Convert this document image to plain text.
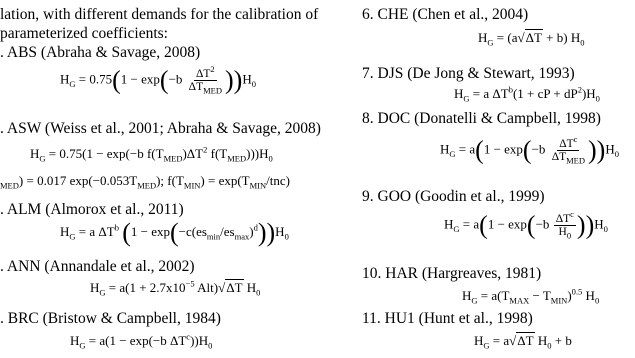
lation, with different demands for the calibration of
parameterized coefficients:
. ABS (Abraha & Savage, 2008)
$H_G = 0.75(1 - \exp(-b \frac{\Delta T^2}{\Delta T_{MED}} ))H_0$
. ASW (Weiss et al., 2001; Abraha & Savage, 2008)
$H_G = 0.75(1 - \exp(-b$ $f(T_{MED})\Delta T^2$ $f(T_{MED})))H_0$
$_{MED}$) = 0.017 $\exp(-0.053T_{MED})$; $f(T_{MIN}) = \exp(T_{MIN}/tnc)$
. ALM (Almorox et al., 2011)
$H_G = a$ $\Delta T^b$ $(1 - \exp(-c(es_{min}/es_{max})^d))H_0$
. ANN (Annandale et al., 2002)
$H_G = a(1 + 2.7x10^{-5}$ Alt)√ΔT $H_0$
. BRC (Bristow & Campbell, 1984)
$H_G = a(1 - \exp(-b$ $\Delta T^c))H_0$
6. CHE (Chen et al., 2004)
$H_G = (a√\Delta T + b)$ $H_0$
7. DJS (De Jong & Stewart, 1993)
$H_G = a$ $\Delta T^b(1$ + cP + $dP^2)H_0$
8. DOC (Donatelli & Campbell, 1998)
$H_G = a(1 - \exp(-b \frac{\Delta T^c}{\Delta T_{MED}} ))H_0$
9. GOO (Goodin et al., 1999)
$H_G = a(1 - \exp(-b \frac{\Delta T^c}{H_0} ))H_0$
10. HAR (Hargreaves, 1981)
$H_G = a(T_{MAX} - T_{MIN})^{0.5}$ $H_0$
11. HU1 (Hunt et al., 1998)
$H_G = a√\Delta T$ $H_0 + b$
